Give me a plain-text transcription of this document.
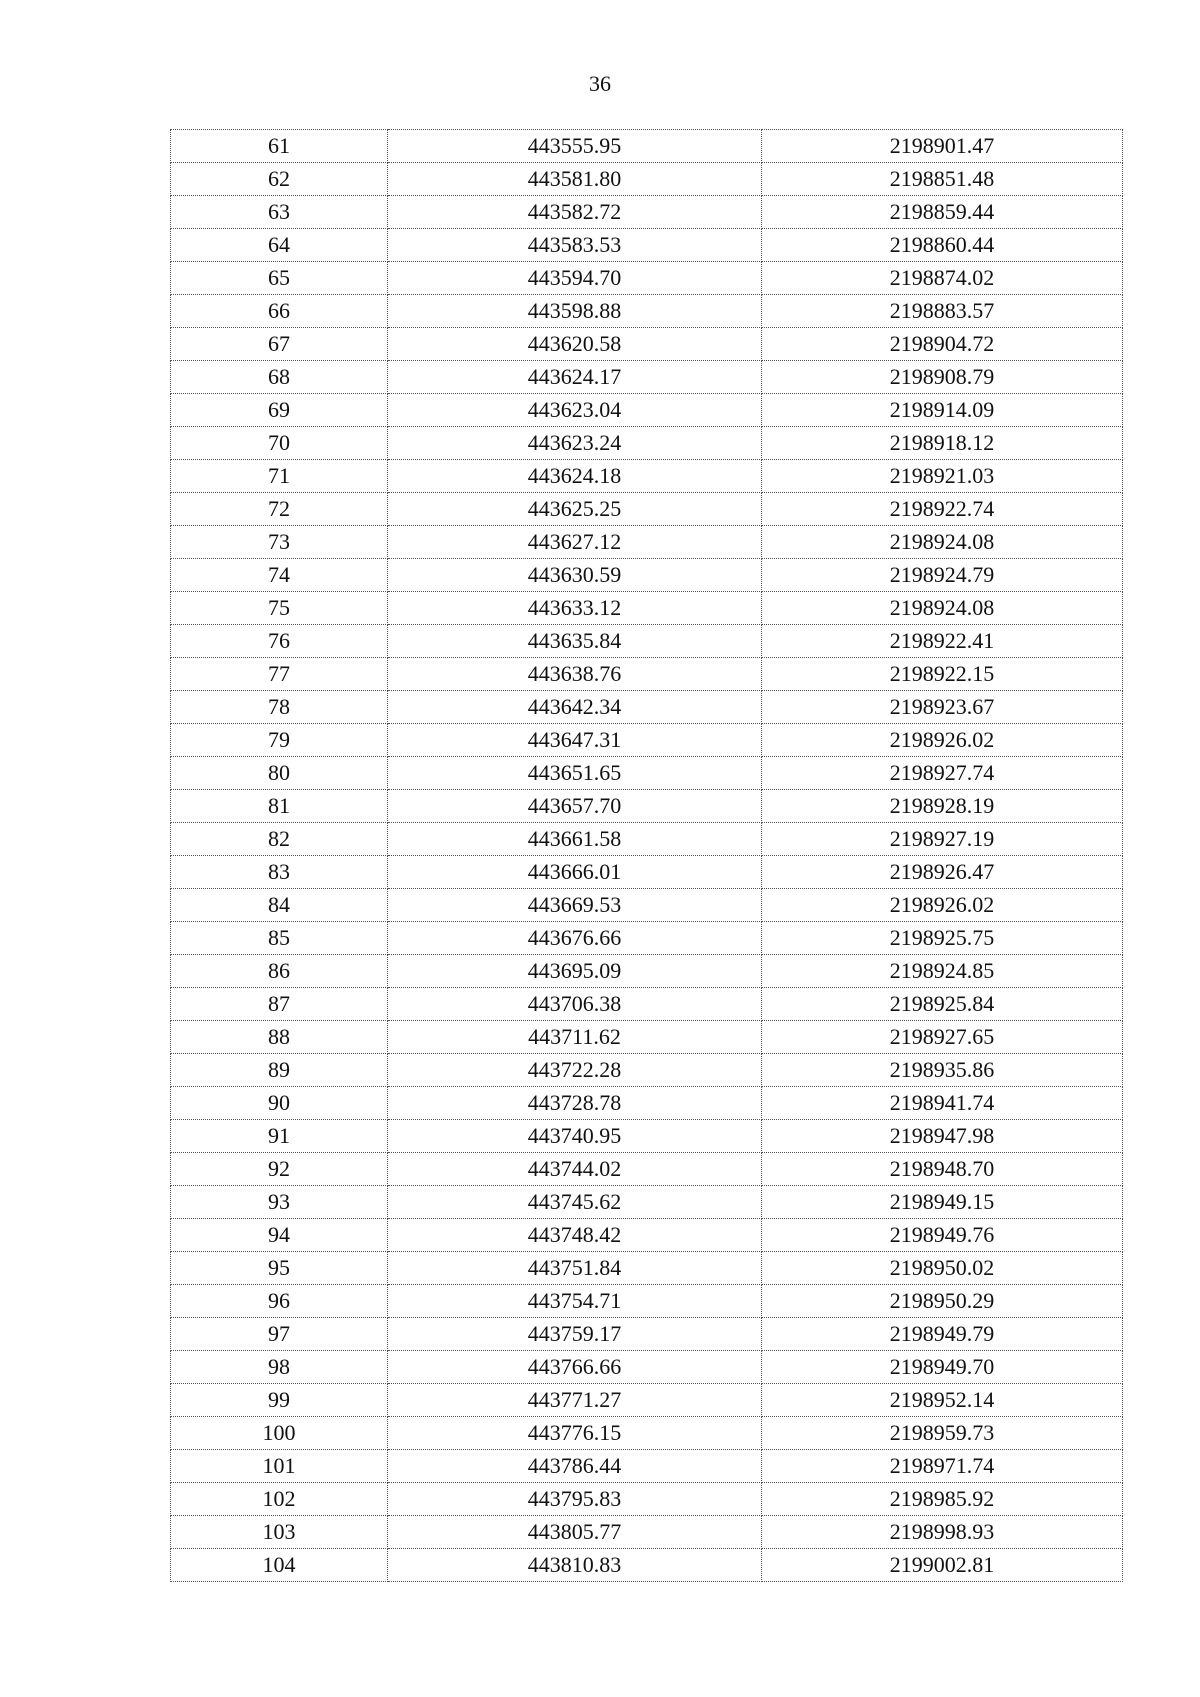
36
61	443555.95	2198901.47
62	443581.80	2198851.48
63	443582.72	2198859.44
64	443583.53	2198860.44
65	443594.70	2198874.02
66	443598.88	2198883.57
67	443620.58	2198904.72
68	443624.17	2198908.79
69	443623.04	2198914.09
70	443623.24	2198918.12
71	443624.18	2198921.03
72	443625.25	2198922.74
73	443627.12	2198924.08
74	443630.59	2198924.79
75	443633.12	2198924.08
76	443635.84	2198922.41
77	443638.76	2198922.15
78	443642.34	2198923.67
79	443647.31	2198926.02
80	443651.65	2198927.74
81	443657.70	2198928.19
82	443661.58	2198927.19
83	443666.01	2198926.47
84	443669.53	2198926.02
85	443676.66	2198925.75
86	443695.09	2198924.85
87	443706.38	2198925.84
88	443711.62	2198927.65
89	443722.28	2198935.86
90	443728.78	2198941.74
91	443740.95	2198947.98
92	443744.02	2198948.70
93	443745.62	2198949.15
94	443748.42	2198949.76
95	443751.84	2198950.02
96	443754.71	2198950.29
97	443759.17	2198949.79
98	443766.66	2198949.70
99	443771.27	2198952.14
100	443776.15	2198959.73
101	443786.44	2198971.74
102	443795.83	2198985.92
103	443805.77	2198998.93
104	443810.83	2199002.81
